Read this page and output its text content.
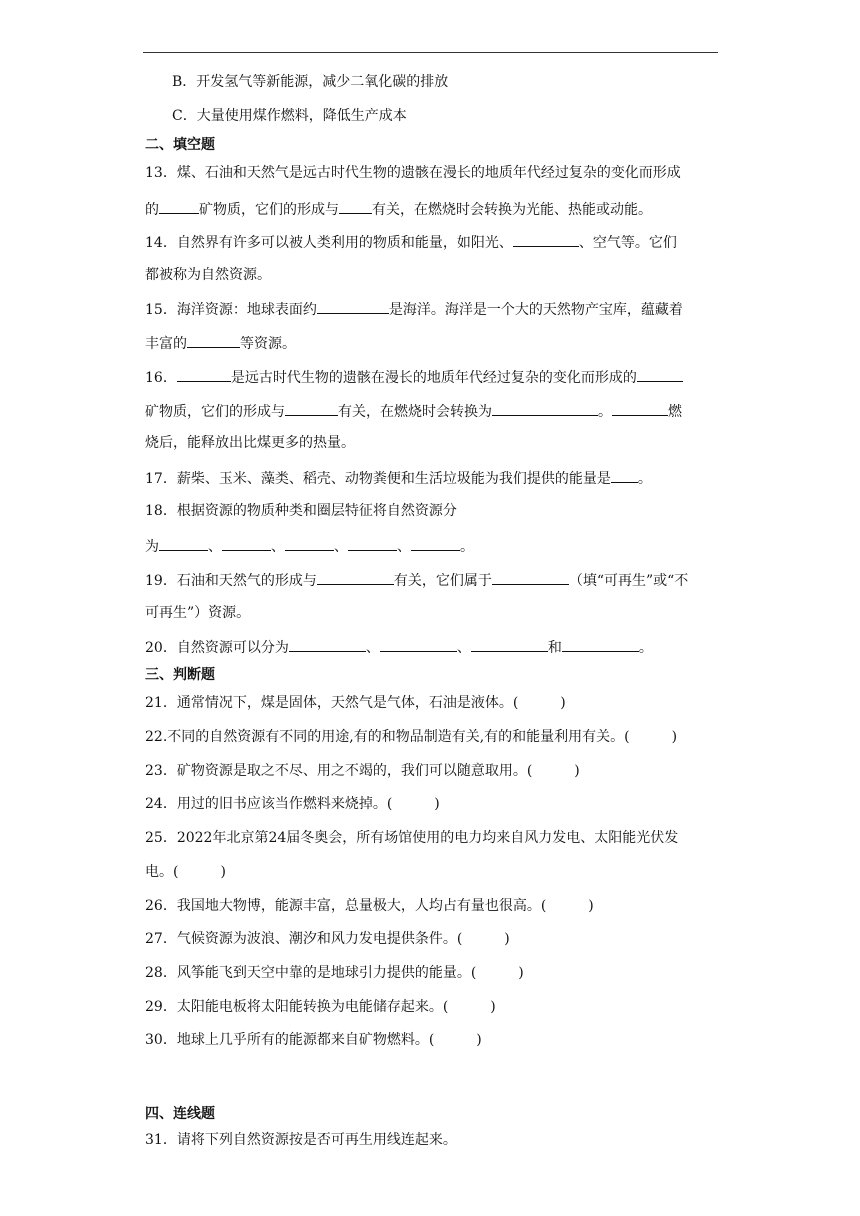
B．开发氢气等新能源，减少二氧化碳的排放
C．大量使用煤作燃料，降低生产成本
二、填空题
13．煤、石油和天然气是远古时代生物的遗骸在漫长的地质年代经过复杂的变化而形成
的	矿物质，它们的形成与 有关，在燃烧时会转换为光能、热能或动能。
14．自然界有许多可以被人类利用的物质和能量，如阳光、	、空气等。它们
都被称为自然资源。
15．海洋资源：地球表面约	是海洋。海洋是一个大的天然物产宝库，蕴藏着
丰富的	等资源。
16．	是远古时代生物的遗骸在漫长的地质年代经过复杂的变化而形成的
矿物质，它们的形成与	有关，在燃烧时会转换为	。	燃
烧后，能释放出比煤更多的热量。
17．薪柴、玉米、藻类、稻壳、动物粪便和生活垃圾能为我们提供的能量是 。
18．根据资源的物质种类和圈层特征将自然资源分
为	、	、	、	、	。
19．石油和天然气的形成与	有关，它们属于	（填“可再生”或“不
可再生”）资源。
20．自然资源可以分为	、	、	和	。
三、判断题
21．通常情况下，煤是固体，天然气是气体，石油是液体。(	)
22.不同的自然资源有不同的用途,有的和物品制造有关,有的和能量利用有关。(	)
23．矿物资源是取之不尽、用之不竭的，我们可以随意取用。(	)
24．用过的旧书应该当作燃料来烧掉。(	)
25．2022年北京第24届冬奥会，所有场馆使用的电力均来自风力发电、太阳能光伏发
电。(	)
26．我国地大物博，能源丰富，总量极大，人均占有量也很高。(	)
27．气候资源为波浪、潮汐和风力发电提供条件。(	)
28．风筝能飞到天空中靠的是地球引力提供的能量。(	)
29．太阳能电板将太阳能转换为电能储存起来。(	)
30．地球上几乎所有的能源都来自矿物燃料。(	)
四、连线题
31．请将下列自然资源按是否可再生用线连起来。
